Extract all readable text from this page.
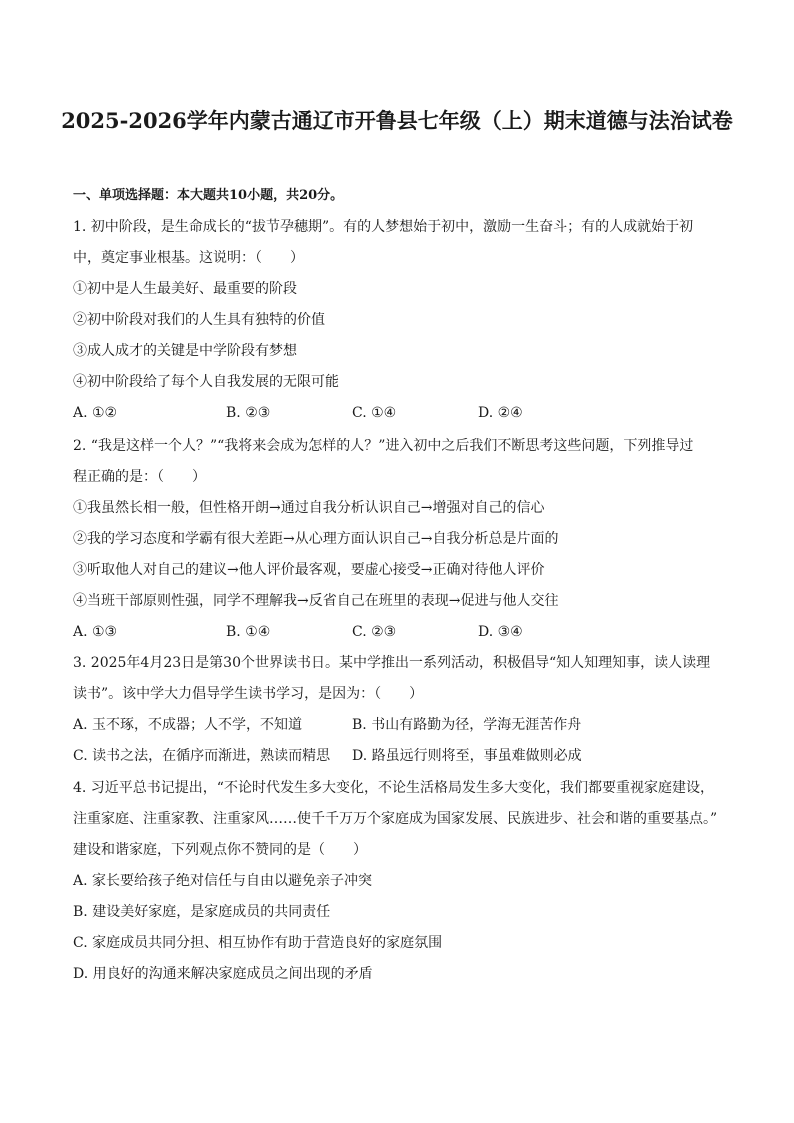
2025-2026学年内蒙古通辽市开鲁县七年级（上）期末道德与法治试卷
一、单项选择题：本大题共10小题，共20分。
1. 初中阶段，是生命成长的“拔节孕穗期”。有的人梦想始于初中，激励一生奋斗；有的人成就始于初
中，奠定事业根基。这说明：（　　）
①初中是人生最美好、最重要的阶段
②初中阶段对我们的人生具有独特的价值
③成人成才的关键是中学阶段有梦想
④初中阶段给了每个人自我发展的无限可能
A. ①②	B. ②③	C. ①④	D. ②④
2. “我是这样一个人？”“我将来会成为怎样的人？”进入初中之后我们不断思考这些问题，下列推导过
程正确的是：（　　）
①我虽然长相一般，但性格开朗→通过自我分析认识自己→增强对自己的信心
②我的学习态度和学霸有很大差距→从心理方面认识自己→自我分析总是片面的
③听取他人对自己的建议→他人评价最客观，要虚心接受→正确对待他人评价
④当班干部原则性强，同学不理解我→反省自己在班里的表现→促进与他人交往
A. ①③	B. ①④	C. ②③	D. ③④
3. 2025年4月23日是第30个世界读书日。某中学推出一系列活动，积极倡导“知人知理知事，读人读理
读书”。该中学大力倡导学生读书学习，是因为：（　　）
A. 玉不琢，不成器；人不学，不知道	B. 书山有路勤为径，学海无涯苦作舟
C. 读书之法，在循序而渐进，熟读而精思 D. 路虽远行则将至，事虽难做则必成
4. 习近平总书记提出，“不论时代发生多大变化，不论生活格局发生多大变化，我们都要重视家庭建设，
注重家庭、注重家教、注重家风……使千千万万个家庭成为国家发展、民族进步、社会和谐的重要基点。”
建设和谐家庭，下列观点你不赞同的是（　　）
A. 家长要给孩子绝对信任与自由以避免亲子冲突
B. 建设美好家庭，是家庭成员的共同责任
C. 家庭成员共同分担、相互协作有助于营造良好的家庭氛围
D. 用良好的沟通来解决家庭成员之间出现的矛盾
